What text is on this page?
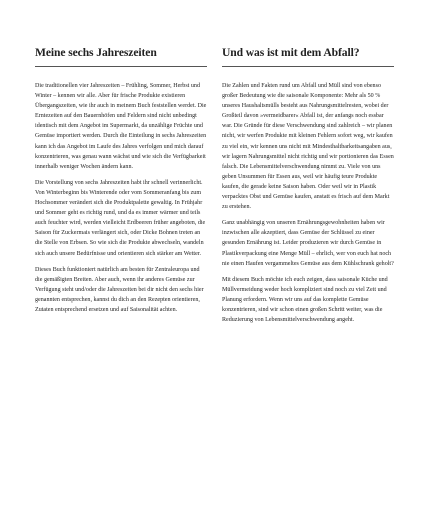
Meine sechs Jahreszeiten

Die traditionellen vier Jahreszeiten – Frühling, Sommer, Herbst und Winter – kennen wir alle. Aber für frische Produkte existieren Übergangszeiten, wie ihr auch in meinem Buch feststellen werdet. Die Erntezeiten auf den Bauernhöfen und Feldern sind nicht unbedingt identisch mit dem Angebot im Supermarkt, da unzählige Früchte und Gemüse importiert werden. Durch die Einteilung in sechs Jahreszeiten kann ich das Angebot im Laufe des Jahres verfolgen und mich darauf konzentrieren, was genau wann wächst und wie sich die Verfügbarkeit innerhalb weniger Wochen ändern kann.

Die Vorstellung von sechs Jahreszeiten habt ihr schnell verinnerlicht. Von Winterbeginn bis Winterende oder vom Sommeranfang bis zum Hochsommer verändert sich die Produktpalette gewaltig. In Frühjahr und Sommer geht es richtig rund, und da es immer wärmer und teils auch feuchter wird, werden vielleicht Erdbeeren früher angeboten, die Saison für Zuckermais verlängert sich, oder Dicke Bohnen treten an die Stelle von Erbsen. So wie sich die Produkte abwechseln, wandeln sich auch unsere Bedürfnisse und orientieren sich stärker am Wetter.

Dieses Buch funktioniert natürlich am besten für Zentraleuropa und die gemäßigten Breiten. Aber auch, wenn ihr anderes Gemüse zur Verfügung steht und/oder die Jahreszeiten bei dir nicht den sechs hier genannten entsprechen, kannst du dich an den Rezepten orientieren, Zutaten entsprechend ersetzen und auf Saisonalität achten.

Und was ist mit dem Abfall?

Die Zahlen und Fakten rund um Abfall und Müll sind von ebenso großer Bedeutung wie die saisonale Komponente: Mehr als 50 % unseres Haushaltsmülls besteht aus Nahrungsmittelresten, wobei der Großteil davon »vermeidbarer« Abfall ist, der anfangs noch essbar war. Die Gründe für diese Verschwendung sind zahlreich – wir planen nicht, wir werfen Produkte mit kleinen Fehlern sofort weg, wir kaufen zu viel ein, wir kennen uns nicht mit Mindesthaltbarkeitsangaben aus, wir lagern Nahrungsmittel nicht richtig und wir portionieren das Essen falsch. Die Lebensmittelverschwendung nimmt zu. Viele von uns geben Unsummen für Essen aus, weil wir häufig teure Produkte kaufen, die gerade keine Saison haben. Oder weil wir in Plastik verpacktes Obst und Gemüse kaufen, anstatt es frisch auf dem Markt zu erstehen.

Ganz unabhängig von unseren Ernährungsgewohnheiten haben wir inzwischen alle akzeptiert, dass Gemüse der Schlüssel zu einer gesunden Ernährung ist. Leider produzieren wir durch Gemüse in Plastikverpackung eine Menge Müll – ehrlich, wer von euch hat noch nie einen Haufen vergammeltes Gemüse aus dem Kühlschrank geholt?

Mit diesem Buch möchte ich euch zeigen, dass saisonale Küche und Müllvermeidung weder hoch kompliziert sind noch zu viel Zeit und Planung erfordern. Wenn wir uns auf das komplette Gemüse konzentrieren, sind wir schon einen großen Schritt weiter, was die Reduzierung von Lebensmittelverschwendung angeht.
